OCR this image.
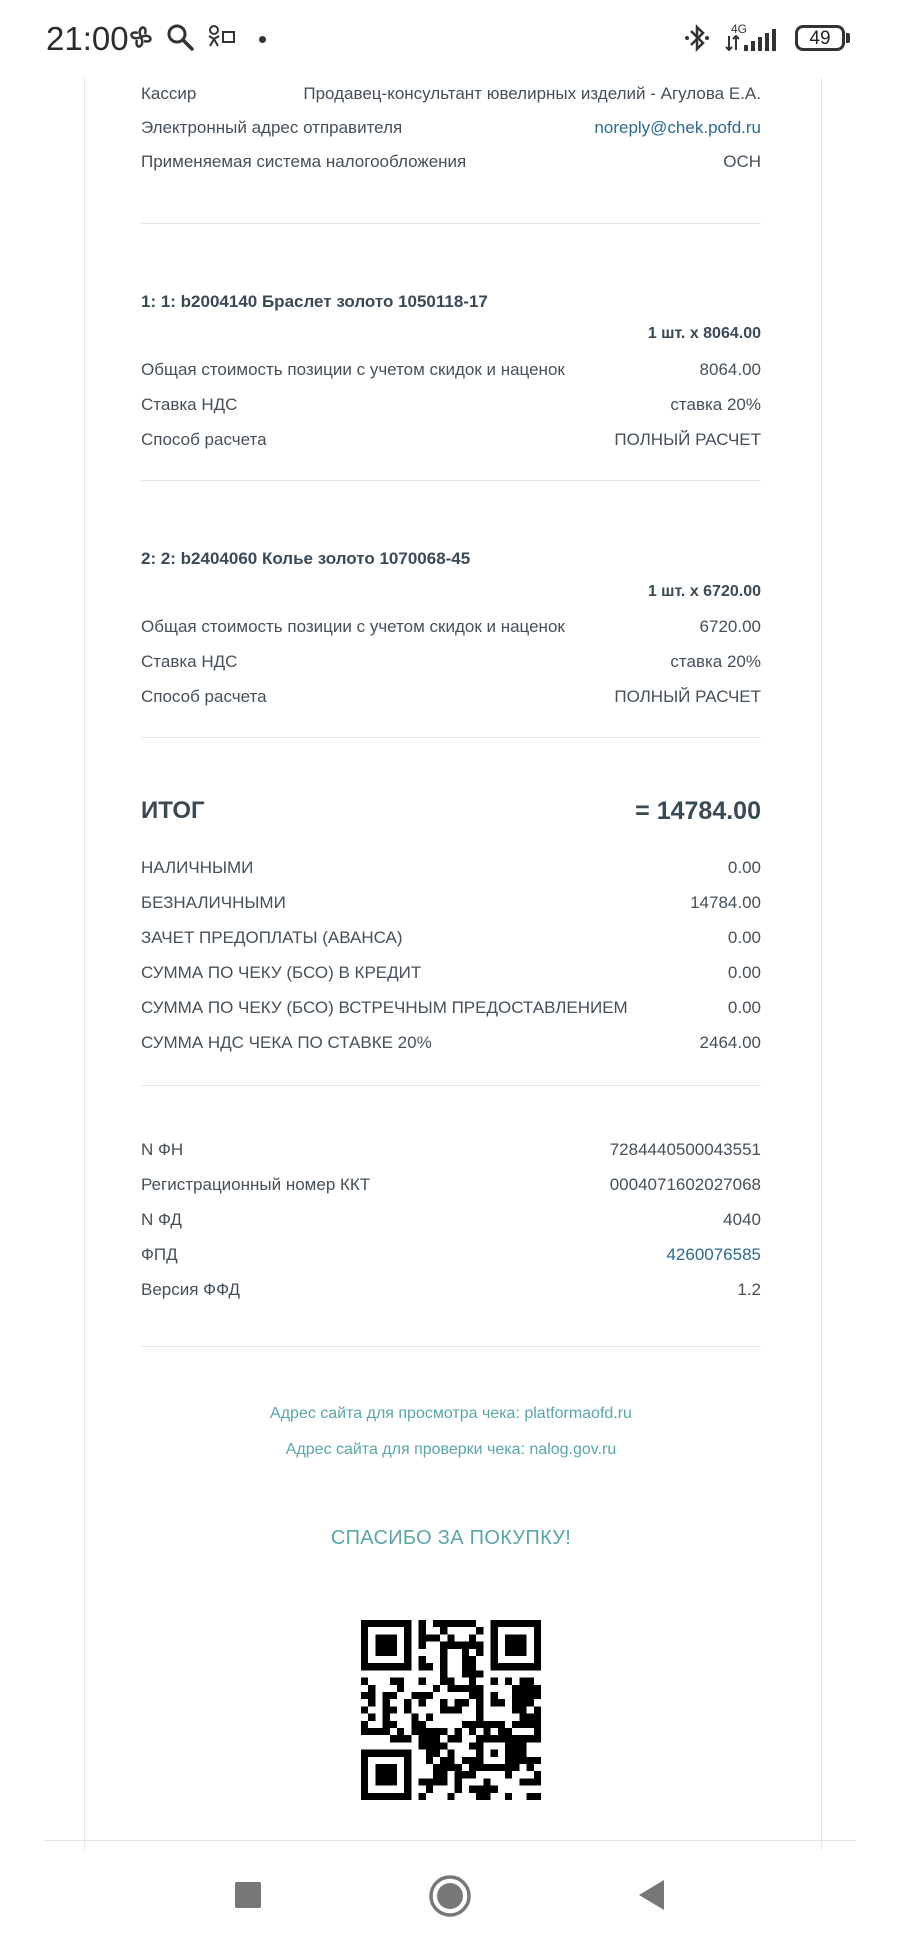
Кассир	Продавец-консультант ювелирных изделий - Агулова Е.А.
Электронный адрес отправителя	noreply@chek.pofd.ru
Применяемая система налогообложения	ОСН
1: 1: b2004140 Браслет золото 1050118-17
1 шт. x 8064.00
Общая стоимость позиции с учетом скидок и наценок	8064.00
Ставка НДС	ставка 20%
Способ расчета	ПОЛНЫЙ РАСЧЕТ
2: 2: b2404060 Колье золото 1070068-45
1 шт. x 6720.00
Общая стоимость позиции с учетом скидок и наценок	6720.00
Ставка НДС	ставка 20%
Способ расчета	ПОЛНЫЙ РАСЧЕТ
ИТОГ	= 14784.00
НАЛИЧНЫМИ	0.00
БЕЗНАЛИЧНЫМИ	14784.00
ЗАЧЕТ ПРЕДОПЛАТЫ (АВАНСА)	0.00
СУММА ПО ЧЕКУ (БСО) В КРЕДИТ	0.00
СУММА ПО ЧЕКУ (БСО) ВСТРЕЧНЫМ ПРЕДОСТАВЛЕНИЕМ	0.00
СУММА НДС ЧЕКА ПО СТАВКЕ 20%	2464.00
N ФН	7284440500043551
Регистрационный номер ККТ	0004071602027068
N ФД	4040
ФПД	4260076585
Версия ФФД	1.2
Адрес сайта для просмотра чека: platformaofd.ru
Адрес сайта для проверки чека: nalog.gov.ru
СПАСИБО ЗА ПОКУПКУ!
21:00	4G	49
